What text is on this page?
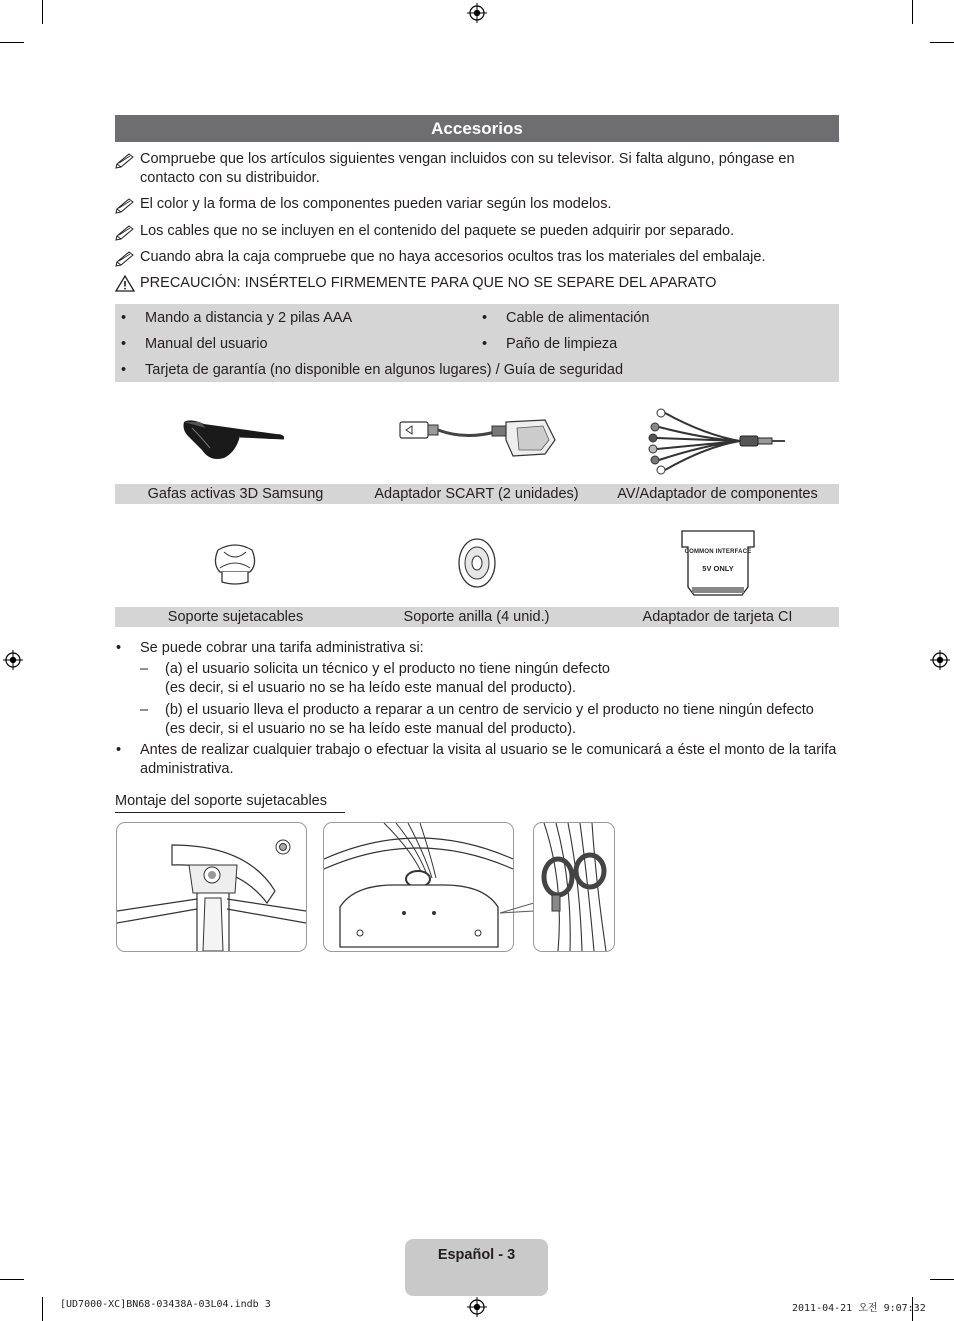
Accesorios
Compruebe que los artículos siguientes vengan incluidos con su televisor. Si falta alguno, póngase en contacto con su distribuidor.
El color y la forma de los componentes pueden variar según los modelos.
Los cables que no se incluyen en el contenido del paquete se pueden adquirir por separado.
Cuando abra la caja compruebe que no haya accesorios ocultos tras los materiales del embalaje.
PRECAUCIÓN: INSÉRTELO FIRMEMENTE PARA QUE NO SE SEPARE DEL APARATO
• Mando a distancia y 2 pilas AAA	• Cable de alimentación
• Manual del usuario	• Paño de limpieza
• Tarjeta de garantía (no disponible en algunos lugares) / Guía de seguridad
Gafas activas 3D Samsung	Adaptador SCART (2 unidades)	AV/Adaptador de componentes
COMMON INTERFACE
5V ONLY
Soporte sujetacables	Soporte anilla (4 unid.)	Adaptador de tarjeta CI
• Se puede cobrar una tarifa administrativa si:
– (a) el usuario solicita un técnico y el producto no tiene ningún defecto
(es decir, si el usuario no se ha leído este manual del producto).
– (b) el usuario lleva el producto a reparar a un centro de servicio y el producto no tiene ningún defecto
(es decir, si el usuario no se ha leído este manual del producto).
• Antes de realizar cualquier trabajo o efectuar la visita al usuario se le comunicará a éste el monto de la tarifa administrativa.
Montaje del soporte sujetacables
Español - 3
[UD7000-XC]BN68-03438A-03L04.indb 3	2011-04-21 오전 9:07:32
